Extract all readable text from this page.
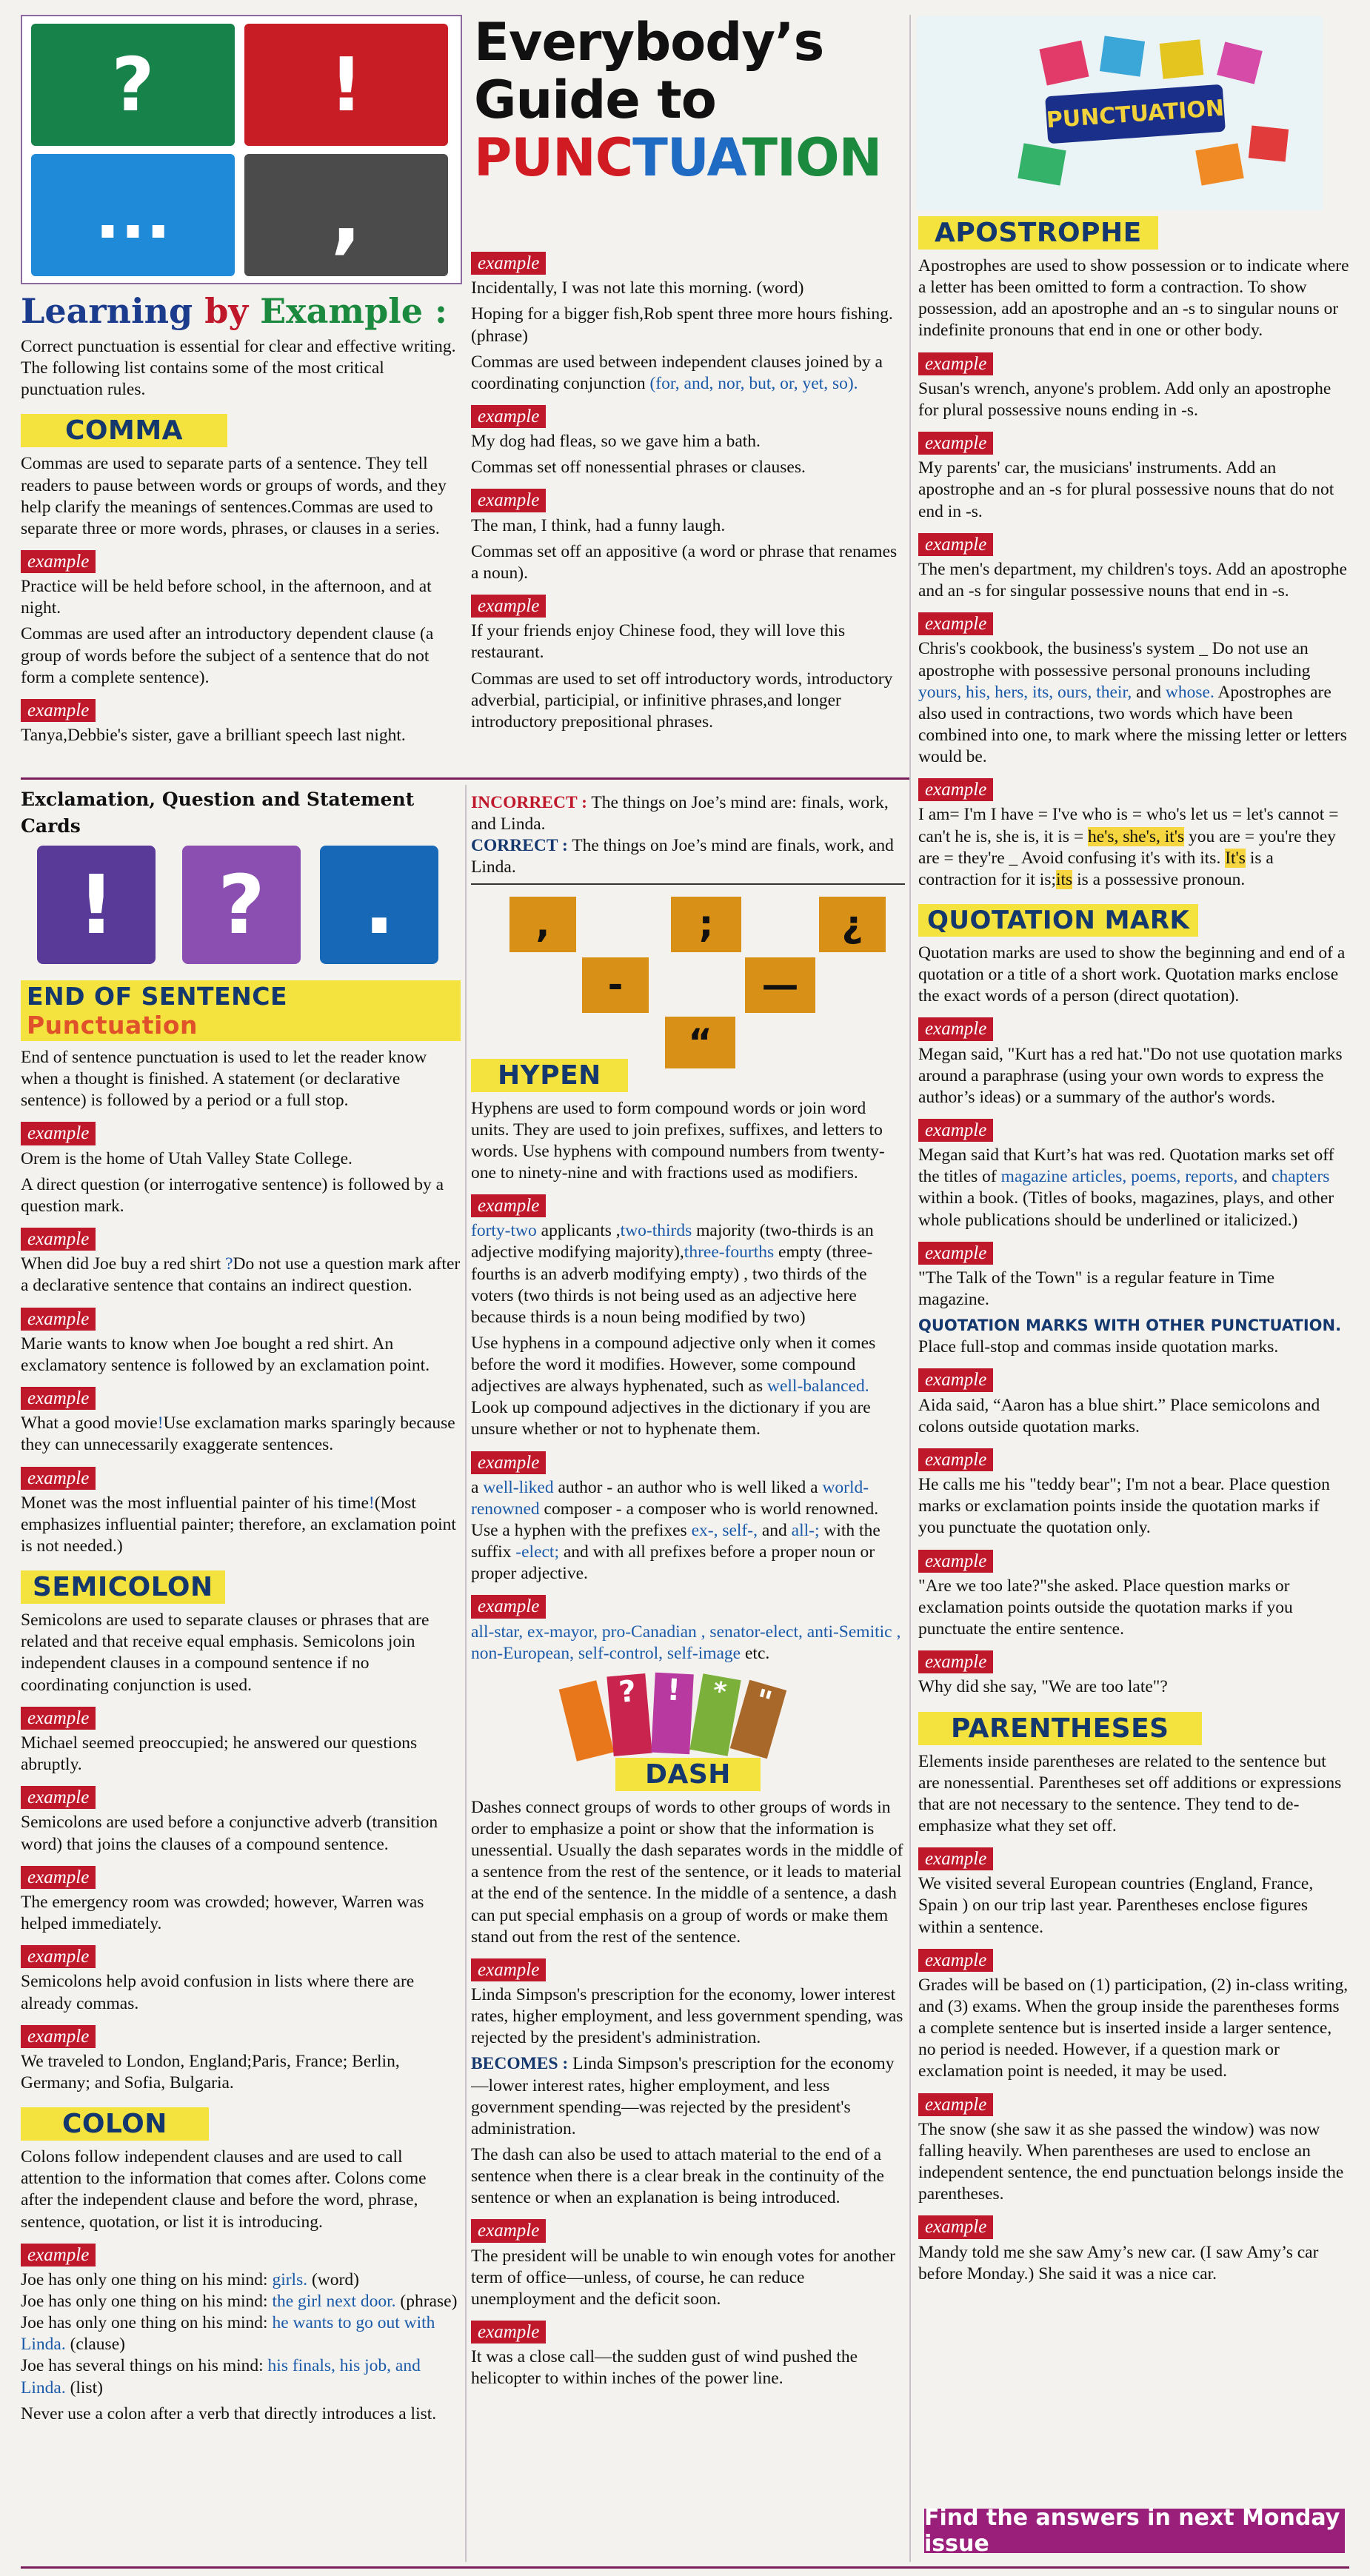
?	!
...	,
Everybody’s
Guide to
PUNCTUATION
PUNCTUATION
Learning by Example :

Correct punctuation is essential for clear and effective writing. The following list contains some of the most critical punctuation rules.

COMMA

Commas are used to separate parts of a sentence. They tell readers to pause between words or groups of words, and they help clarify the meanings of sentences.Commas are used to separate three or more words, phrases, or clauses in a series.

example

Practice will be held before school, in the afternoon, and at night.

Commas are used after an introductory dependent clause (a group of words before the subject of a sentence that do not form a complete sentence).

example

Tanya,Debbie's sister, gave a brilliant speech last night.

example

Incidentally, I was not late this morning. (word)

Hoping for a bigger fish,Rob spent three more hours fishing. (phrase)

Commas are used between independent clauses joined by a coordinating conjunction (for, and, nor, but, or, yet, so).

example

My dog had fleas, so we gave him a bath.

Commas set off nonessential phrases or clauses.

example

The man, I think, had a funny laugh.

Commas set off an appositive (a word or phrase that renames a noun).

example

If your friends enjoy Chinese food, they will love this restaurant.

Commas are used to set off introductory words, introductory adverbial, participial, or infinitive phrases,and longer introductory prepositional phrases.

Exclamation, Question and Statement Cards
!	?	.
END OF SENTENCE Punctuation

End of sentence punctuation is used to let the reader know when a thought is finished. A statement (or declarative sentence) is followed by a period or a full stop.

example

Orem is the home of Utah Valley State College.

A direct question (or interrogative sentence) is followed by a question mark.

example

When did Joe buy a red shirt ?Do not use a question mark after a declarative sentence that contains an indirect question.

example

Marie wants to know when Joe bought a red shirt. An exclamatory sentence is followed by an exclamation point.

example

What a good movie!Use exclamation marks sparingly because they can unnecessarily exaggerate sentences.

example

Monet was the most influential painter of his time!(Most emphasizes influential painter; therefore, an exclamation point is not needed.)

SEMICOLON

Semicolons are used to separate clauses or phrases that are related and that receive equal emphasis. Semicolons join independent clauses in a compound sentence if no coordinating conjunction is used.

example

Michael seemed preoccupied; he answered our questions abruptly.

example

Semicolons are used before a conjunctive adverb (transition word) that joins the clauses of a compound sentence.

example

The emergency room was crowded; however, Warren was helped immediately.

example

Semicolons help avoid confusion in lists where there are already commas.

example

We traveled to London, England;Paris, France; Berlin, Germany; and Sofia, Bulgaria.

COLON

Colons follow independent clauses and are used to call attention to the information that comes after. Colons come after the independent clause and before the word, phrase, sentence, quotation, or list it is introducing.

example

Joe has only one thing on his mind: girls. (word)

Joe has only one thing on his mind: the girl next door. (phrase)

Joe has only one thing on his mind: he wants to go out with Linda. (clause)

Joe has several things on his mind: his finals, his job, and Linda. (list)

Never use a colon after a verb that directly introduces a list.

INCORRECT : The things on Joe’s mind are: finals, work, and Linda.

CORRECT : The things on Joe’s mind are finals, work, and Linda.

,	;	¿
-	—
“
HYPEN

Hyphens are used to form compound words or join word units. They are used to join prefixes, suffixes, and letters to words. Use hyphens with compound numbers from twenty-one to ninety-nine and with fractions used as modifiers.

example

forty-two applicants ,two-thirds majority (two-thirds is an adjective modifying majority),three-fourths empty (three-fourths is an adverb modifying empty) , two thirds of the voters (two thirds is not being used as an adjective here because thirds is a noun being modified by two)

Use hyphens in a compound adjective only when it comes before the word it modifies. However, some compound adjectives are always hyphenated, such as well-balanced. Look up compound adjectives in the dictionary if you are unsure whether or not to hyphenate them.

example

a well-liked author - an author who is well liked a world-renowned composer - a composer who is world renowned. Use a hyphen with the prefixes ex-, self-, and all-; with the suffix -elect; and with all prefixes before a proper noun or proper adjective.

example

all-star, ex-mayor, pro-Canadian , senator-elect, anti-Semitic , non-European, self-control, self-image etc.

? !	* "
DASH

Dashes connect groups of words to other groups of words in order to emphasize a point or show that the information is unessential. Usually the dash separates words in the middle of a sentence from the rest of the sentence, or it leads to material at the end of the sentence. In the middle of a sentence, a dash can put special emphasis on a group of words or make them stand out from the rest of the sentence.

example

Linda Simpson's prescription for the economy, lower interest rates, higher employment, and less government spending, was rejected by the president's administration.

BECOMES : Linda Simpson's prescription for the economy—lower interest rates, higher employment, and less government spending—was rejected by the president's administration.

The dash can also be used to attach material to the end of a sentence when there is a clear break in the continuity of the sentence or when an explanation is being introduced.

example

The president will be unable to win enough votes for another term of office—unless, of course, he can reduce unemployment and the deficit soon.

example

It was a close call—the sudden gust of wind pushed the helicopter to within inches of the power line.

APOSTROPHE

Apostrophes are used to show possession or to indicate where a letter has been omitted to form a contraction. To show possession, add an apostrophe and an -s to singular nouns or indefinite pronouns that end in one or other body.

example

Susan's wrench, anyone's problem. Add only an apostrophe for plural possessive nouns ending in -s.

example

My parents' car, the musicians' instruments. Add an apostrophe and an -s for plural possessive nouns that do not end in -s.

example

The men's department, my children's toys. Add an apostrophe and an -s for singular possessive nouns that end in -s.

example

Chris's cookbook, the business's system _ Do not use an apostrophe with possessive personal pronouns including yours, his, hers, its, ours, their, and whose. Apostrophes are also used in contractions, two words which have been combined into one, to mark where the missing letter or letters would be.

example

I am= I'm I have = I've who is = who's let us = let's cannot = can't he is, she is, it is = he's, she's, it's you are = you're they are = they're _ Avoid confusing it's with its. It's is a contraction for it is;its is a possessive pronoun.

QUOTATION MARK

Quotation marks are used to show the beginning and end of a quotation or a title of a short work. Quotation marks enclose the exact words of a person (direct quotation).

example

Megan said, "Kurt has a red hat."Do not use quotation marks around a paraphrase (using your own words to express the author’s ideas) or a summary of the author's words.

example

Megan said that Kurt’s hat was red. Quotation marks set off the titles of magazine articles, poems, reports, and chapters within a book. (Titles of books, magazines, plays, and other whole publications should be underlined or italicized.)

example

"The Talk of the Town" is a regular feature in Time magazine.

QUOTATION MARKS WITH OTHER PUNCTUATION. Place full-stop and commas inside quotation marks.

example

Aida said, “Aaron has a blue shirt.” Place semicolons and colons outside quotation marks.

example

He calls me his "teddy bear"; I'm not a bear. Place question marks or exclamation points inside the quotation marks if you punctuate the quotation only.

example

"Are we too late?"she asked. Place question marks or exclamation points outside the quotation marks if you punctuate the entire sentence.

example

Why did she say, "We are too late"?

PARENTHESES

Elements inside parentheses are related to the sentence but are nonessential. Parentheses set off additions or expressions that are not necessary to the sentence. They tend to de-emphasize what they set off.

example

We visited several European countries (England, France, Spain ) on our trip last year. Parentheses enclose figures within a sentence.

example

Grades will be based on (1) participation, (2) in-class writing, and (3) exams. When the group inside the parentheses forms a complete sentence but is inserted inside a larger sentence, no period is needed. However, if a question mark or exclamation point is needed, it may be used.

example

The snow (she saw it as she passed the window) was now falling heavily. When parentheses are used to enclose an independent sentence, the end punctuation belongs inside the parentheses.

example

Mandy told me she saw Amy’s new car. (I saw Amy’s car before Monday.) She said it was a nice car.

Find the answers in next Monday issue
